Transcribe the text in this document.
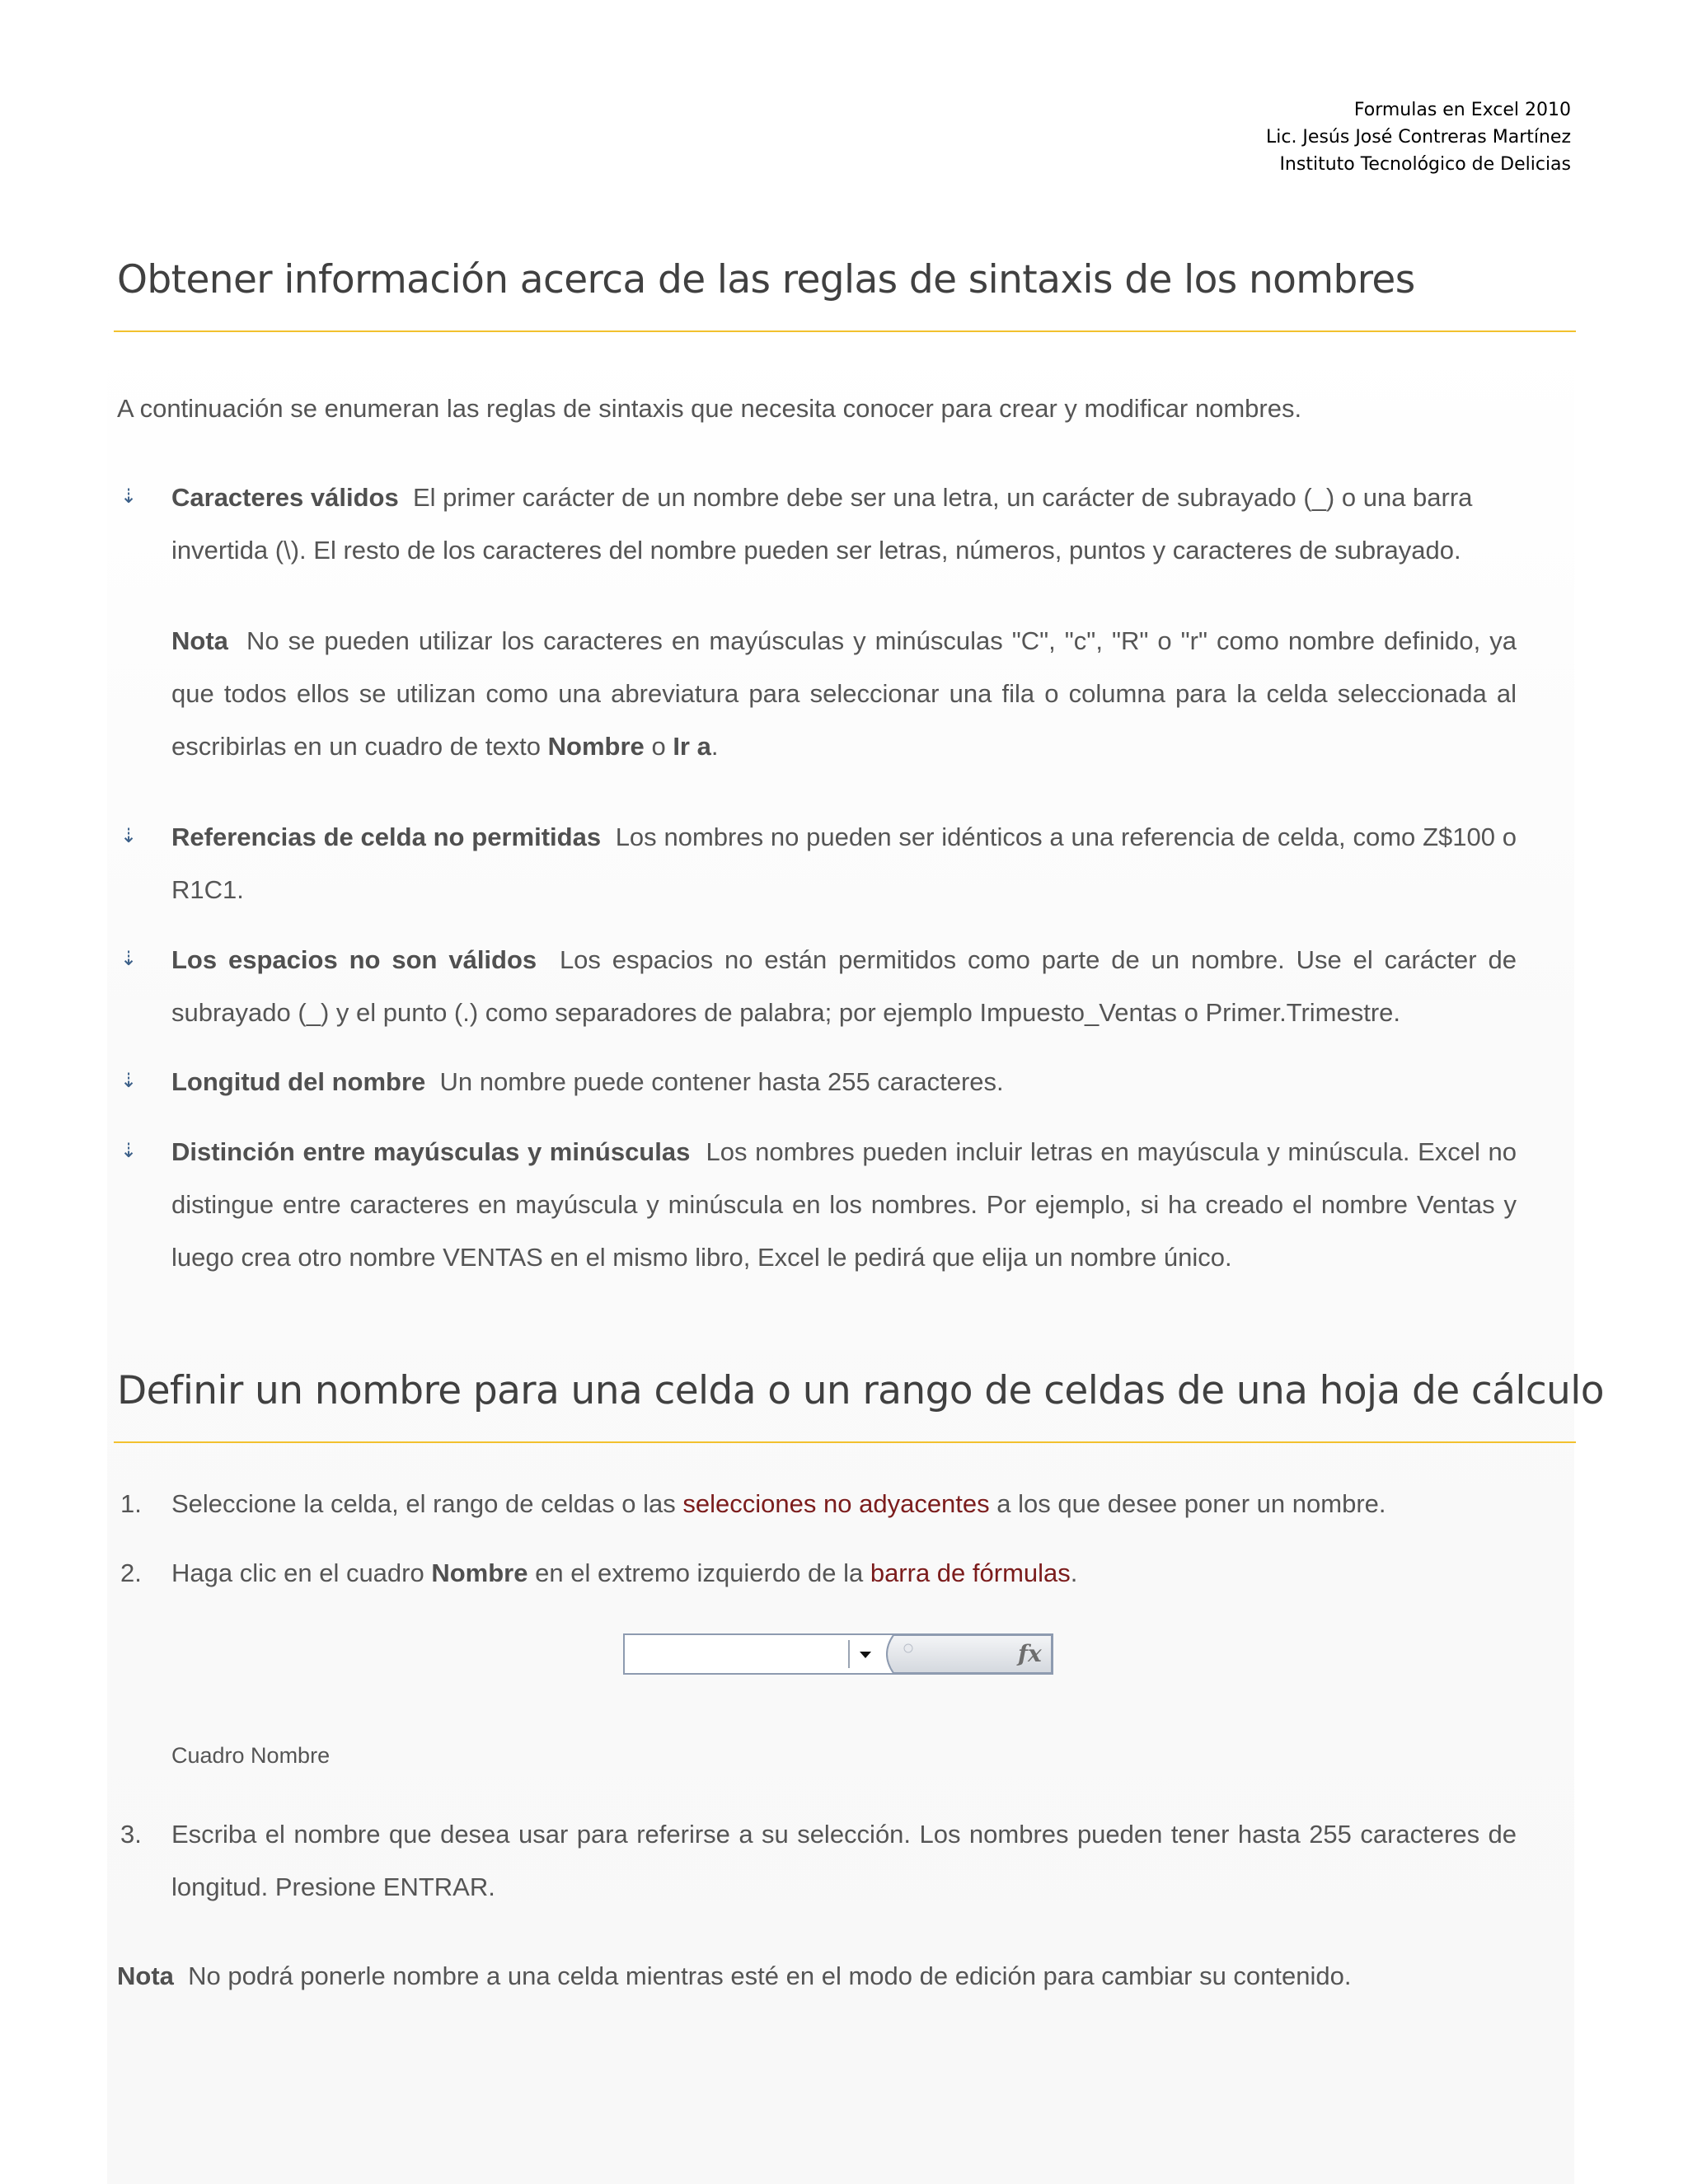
Formulas en Excel 2010
Lic. Jesús José Contreras Martínez
Instituto Tecnológico de Delicias
Obtener información acerca de las reglas de sintaxis de los nombres
A continuación se enumeran las reglas de sintaxis que necesita conocer para crear y modificar nombres.
⇣ Caracteres válidos El primer carácter de un nombre debe ser una letra, un carácter de subrayado (_) o una barra invertida (\). El resto de los caracteres del nombre pueden ser letras, números, puntos y caracteres de subrayado.
Nota No se pueden utilizar los caracteres en mayúsculas y minúsculas "C", "c", "R" o "r" como nombre definido, ya que todos ellos se utilizan como una abreviatura para seleccionar una fila o columna para la celda seleccionada al escribirlas en un cuadro de texto Nombre o Ir a.
⇣ Referencias de celda no permitidas Los nombres no pueden ser idénticos a una referencia de celda, como Z$100 o R1C1.
⇣ Los espacios no son válidos Los espacios no están permitidos como parte de un nombre. Use el carácter de subrayado (_) y el punto (.) como separadores de palabra; por ejemplo Impuesto_Ventas o Primer.Trimestre.
⇣ Longitud del nombre Un nombre puede contener hasta 255 caracteres.
⇣ Distinción entre mayúsculas y minúsculas Los nombres pueden incluir letras en mayúscula y minúscula. Excel no distingue entre caracteres en mayúscula y minúscula en los nombres. Por ejemplo, si ha creado el nombre Ventas y luego crea otro nombre VENTAS en el mismo libro, Excel le pedirá que elija un nombre único.
Definir un nombre para una celda o un rango de celdas de una hoja de cálculo
1. Seleccione la celda, el rango de celdas o las selecciones no adyacentes a los que desee poner un nombre.
2. Haga clic en el cuadro Nombre en el extremo izquierdo de la barra de fórmulas.
fx
Cuadro Nombre
3. Escriba el nombre que desea usar para referirse a su selección. Los nombres pueden tener hasta 255 caracteres de longitud. Presione ENTRAR.
Nota No podrá ponerle nombre a una celda mientras esté en el modo de edición para cambiar su contenido.
